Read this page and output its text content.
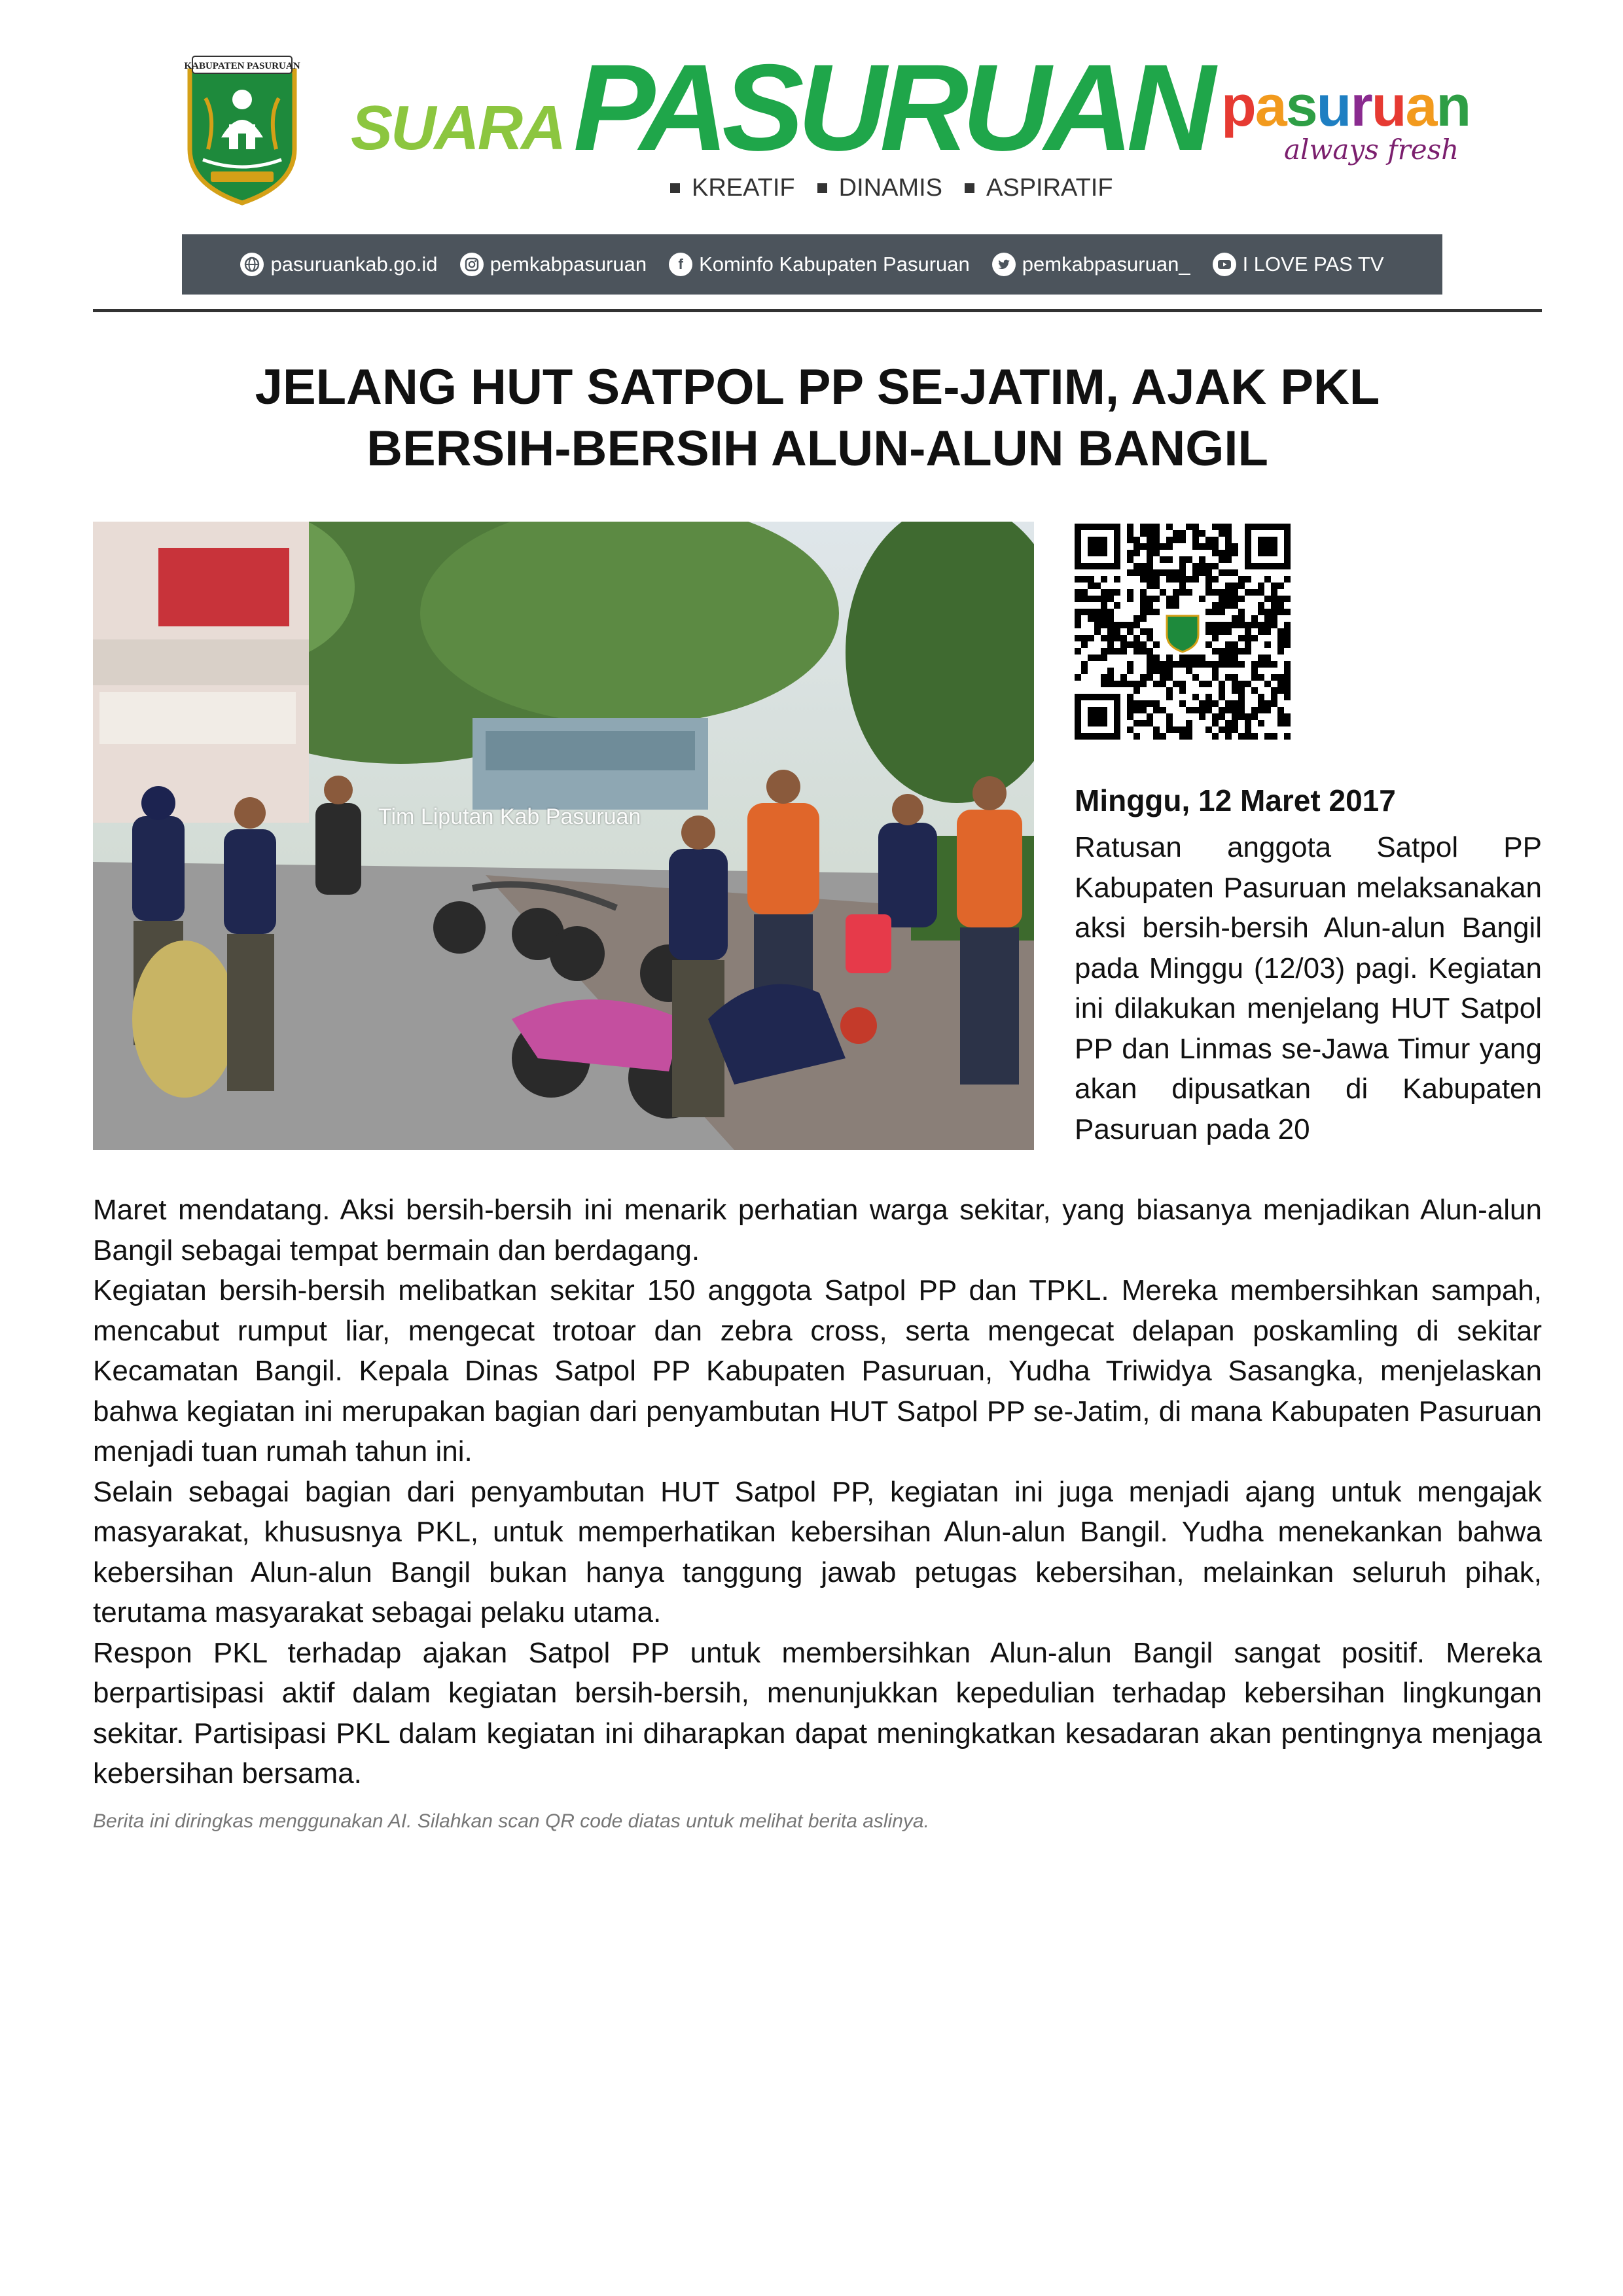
KABUPATEN PASURUAN
SUARA PASURUAN
KREATIF DINAMIS ASPIRATIF
pasuruan
always fresh
pasuruankab.go.id	pemkabpasuruan	f Kominfo Kabupaten Pasuruan	pemkabpasuruan_	I LOVE PAS TV
JELANG HUT SATPOL PP SE-JATIM, AJAK PKL
BERSIH-BERSIH ALUN-ALUN BANGIL
Tim Liputan Kab Pasuruan	Minggu, 12 Maret 2017
Ratusan anggota Satpol PP Kabupaten Pasuruan melaksanakan aksi bersih-bersih Alun-alun Bangil pada Minggu (12/03) pagi. Kegiatan ini dilakukan menjelang HUT Satpol PP dan Linmas se-Jawa Timur yang akan dipusatkan di Kabupaten Pasuruan pada 20

Maret mendatang. Aksi bersih-bersih ini menarik perhatian warga sekitar, yang biasanya menjadikan Alun-alun Bangil sebagai tempat bermain dan berdagang.

Kegiatan bersih-bersih melibatkan sekitar 150 anggota Satpol PP dan TPKL. Mereka membersihkan sampah, mencabut rumput liar, mengecat trotoar dan zebra cross, serta mengecat delapan poskamling di sekitar Kecamatan Bangil. Kepala Dinas Satpol PP Kabupaten Pasuruan, Yudha Triwidya Sasangka, menjelaskan bahwa kegiatan ini merupakan bagian dari penyambutan HUT Satpol PP se-Jatim, di mana Kabupaten Pasuruan menjadi tuan rumah tahun ini.

Selain sebagai bagian dari penyambutan HUT Satpol PP, kegiatan ini juga menjadi ajang untuk mengajak masyarakat, khususnya PKL, untuk memperhatikan kebersihan Alun-alun Bangil. Yudha menekankan bahwa kebersihan Alun-alun Bangil bukan hanya tanggung jawab petugas kebersihan, melainkan seluruh pihak, terutama masyarakat sebagai pelaku utama.

Respon PKL terhadap ajakan Satpol PP untuk membersihkan Alun-alun Bangil sangat positif. Mereka berpartisipasi aktif dalam kegiatan bersih-bersih, menunjukkan kepedulian terhadap kebersihan lingkungan sekitar. Partisipasi PKL dalam kegiatan ini diharapkan dapat meningkatkan kesadaran akan pentingnya menjaga kebersihan bersama.

Berita ini diringkas menggunakan AI. Silahkan scan QR code diatas untuk melihat berita aslinya.
